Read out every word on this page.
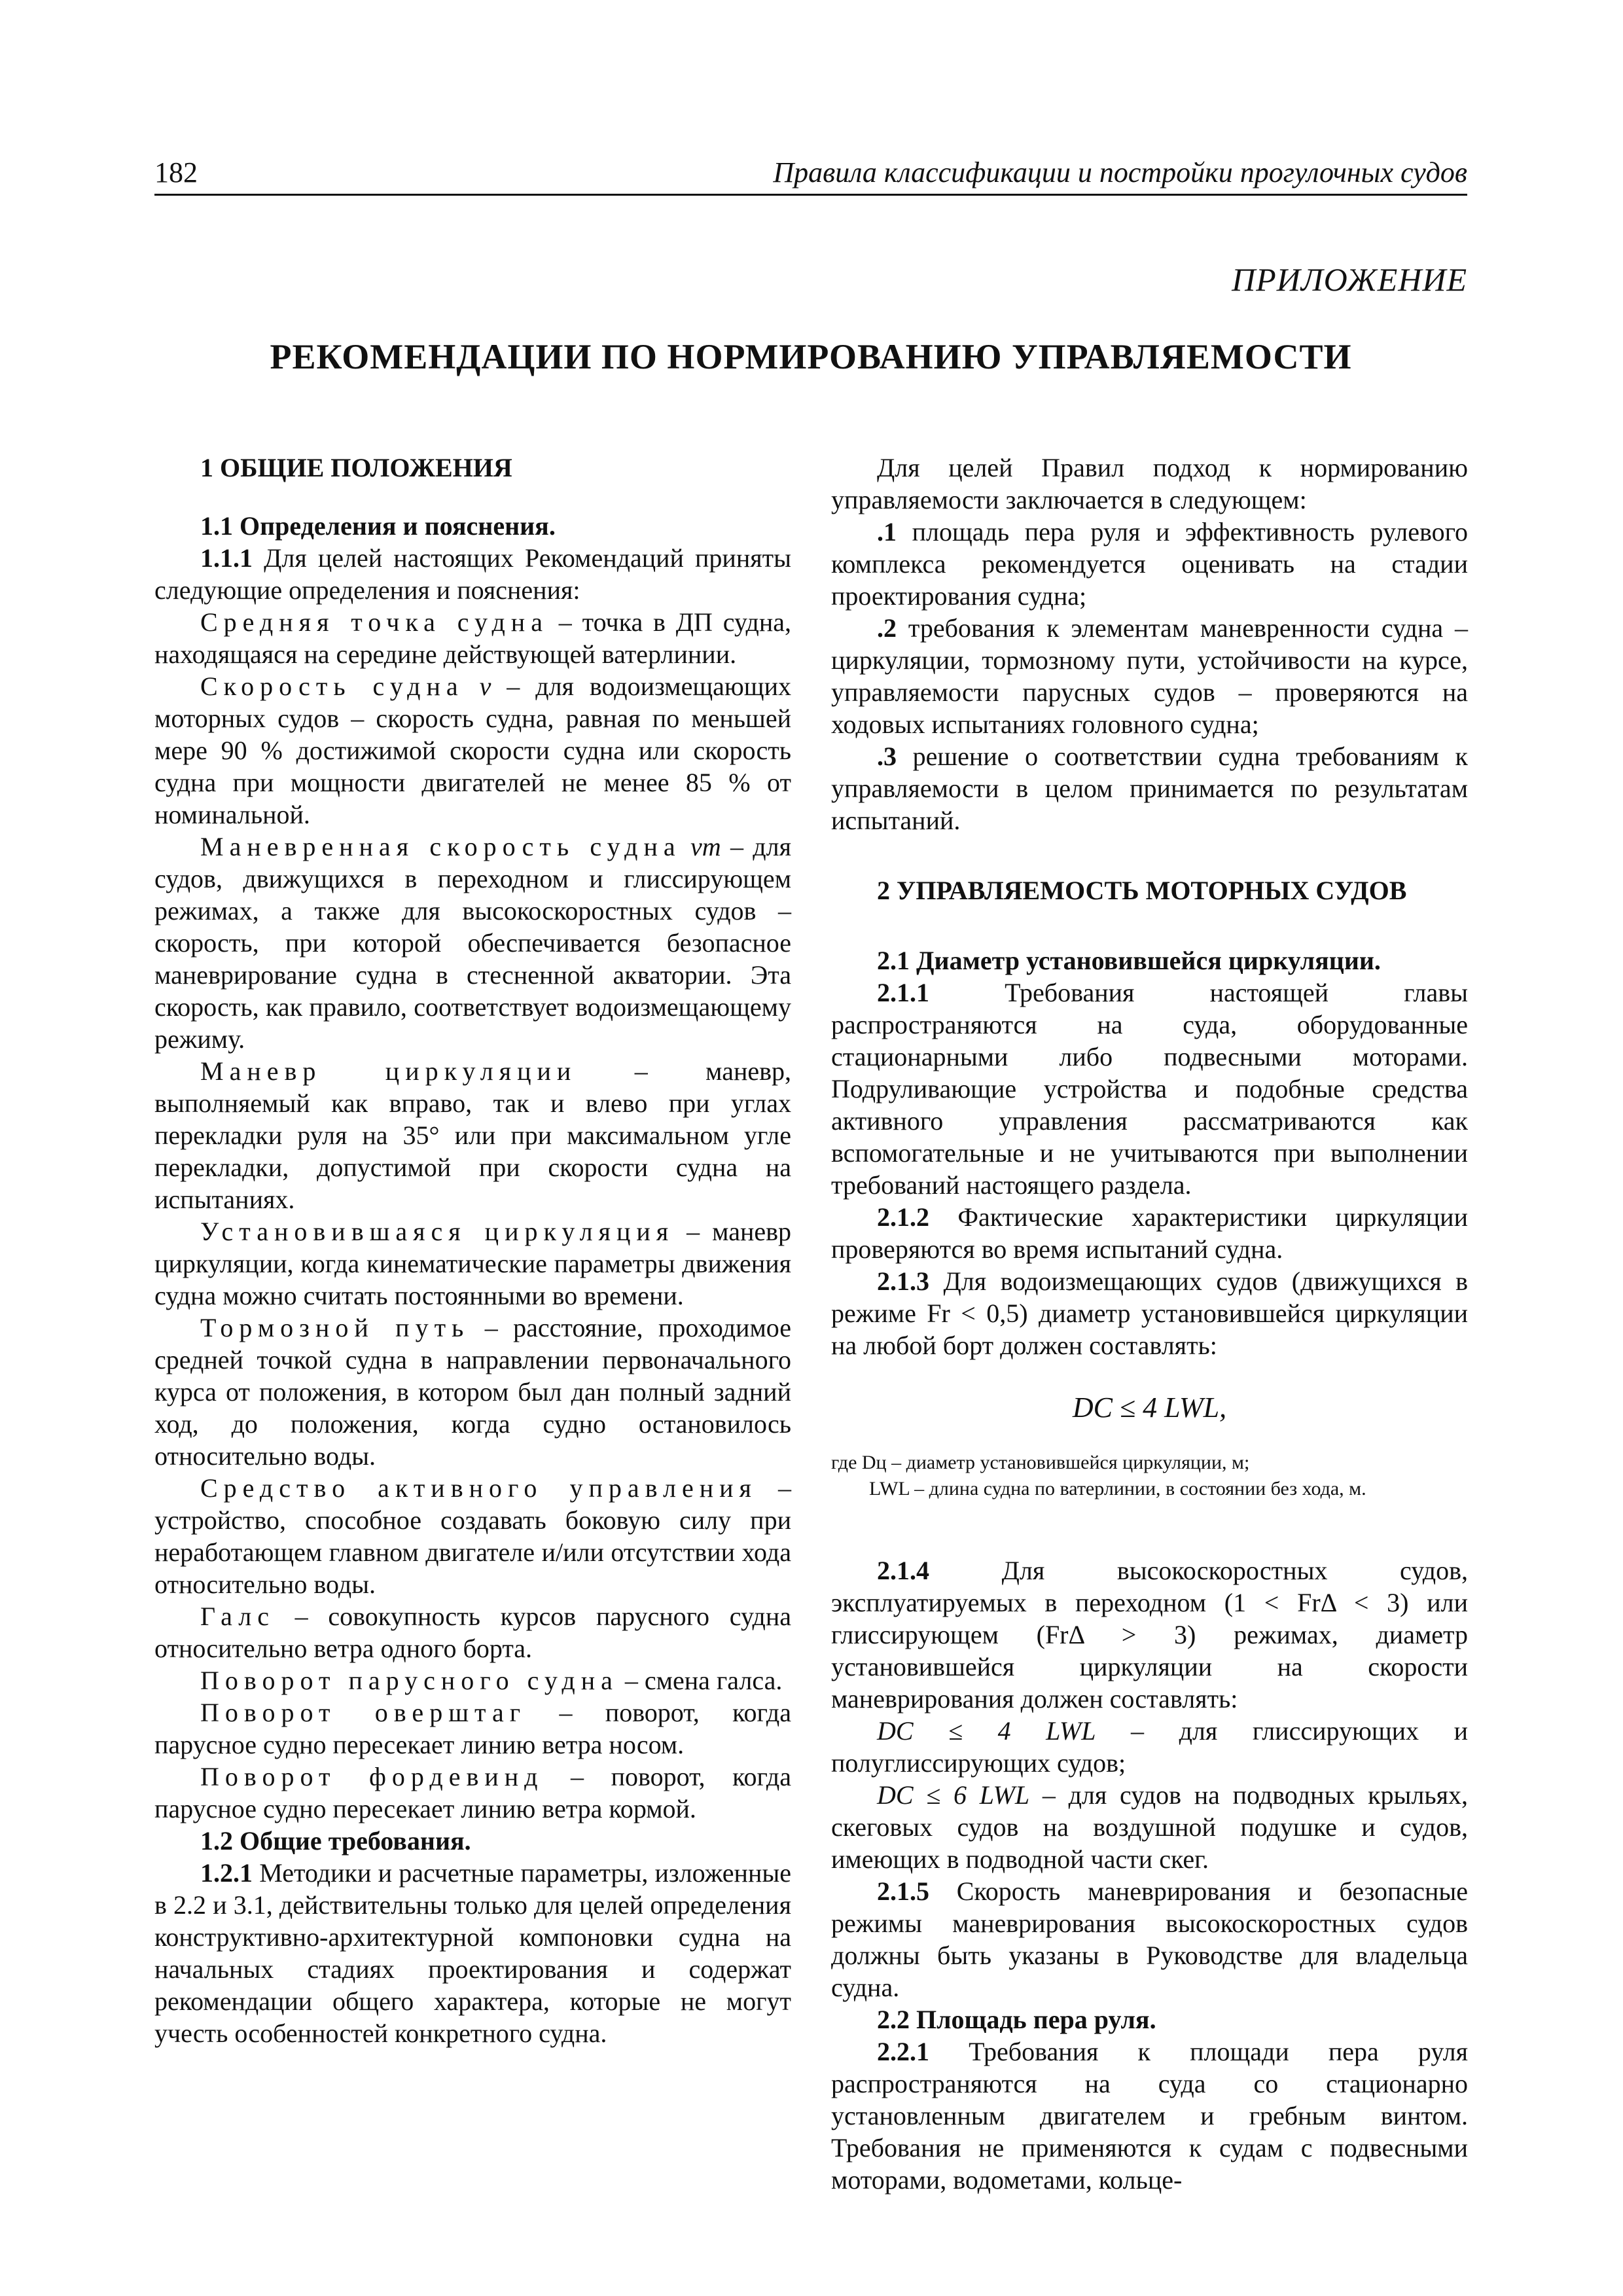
182	Правила классификации и постройки прогулочных судов
ПРИЛОЖЕНИЕ
РЕКОМЕНДАЦИИ ПО НОРМИРОВАНИЮ УПРАВЛЯЕМОСТИ

1 ОБЩИЕ ПОЛОЖЕНИЯ

1.1 Определения и пояснения.

1.1.1 Для целей настоящих Рекомендаций приняты следующие определения и пояснения:

Средняя точка судна – точка в ДП судна, находящаяся на середине действующей ватерлинии.

Скорость судна v – для водоизмещающих моторных судов – скорость судна, равная по меньшей мере 90 % достижимой скорости судна или скорость судна при мощности двигателей не менее 85 % от номинальной.

Маневренная скорость судна vm – для судов, движущихся в переходном и глиссирующем режимах, а также для высокоскоростных судов – скорость, при которой обеспечивается безопасное маневрирование судна в стесненной акватории. Эта скорость, как правило, соответствует водоизмещающему режиму.

Маневр циркуляции – маневр, выполняемый как вправо, так и влево при углах перекладки руля на 35° или при максимальном угле перекладки, допустимой при скорости судна на испытаниях.

Установившаяся циркуляция – маневр циркуляции, когда кинематические параметры движения судна можно считать постоянными во времени.

Тормозной путь – расстояние, проходимое средней точкой судна в направлении первоначального курса от положения, в котором был дан полный задний ход, до положения, когда судно остановилось относительно воды.

Средство активного управления – устройство, способное создавать боковую силу при неработающем главном двигателе и/или отсутствии хода относительно воды.

Галс – совокупность курсов парусного судна относительно ветра одного борта.

Поворот парусного судна – смена галса.

Поворот оверштаг – поворот, когда парусное судно пересекает линию ветра носом.

Поворот фордевинд – поворот, когда парусное судно пересекает линию ветра кормой.

1.2 Общие требования.

1.2.1 Методики и расчетные параметры, изложенные в 2.2 и 3.1, действительны только для целей определения конструктивно-архитектурной компоновки судна на начальных стадиях проектирования и содержат рекомендации общего характера, которые не могут учесть особенностей конкретного судна.

Для целей Правил подход к нормированию управляемости заключается в следующем:

.1 площадь пера руля и эффективность рулевого комплекса рекомендуется оценивать на стадии проектирования судна;

.2 требования к элементам маневренности судна – циркуляции, тормозному пути, устойчивости на курсе, управляемости парусных судов – проверяются на ходовых испытаниях головного судна;

.3 решение о соответствии судна требованиям к управляемости в целом принимается по результатам испытаний.

2 УПРАВЛЯЕМОСТЬ МОТОРНЫХ СУДОВ

2.1 Диаметр установившейся циркуляции.

2.1.1 Требования настоящей главы распространяются на суда, оборудованные стационарными либо подвесными моторами. Подруливающие устройства и подобные средства активного управления рассматриваются как вспомогательные и не учитываются при выполнении требований настоящего раздела.

2.1.2 Фактические характеристики циркуляции проверяются во время испытаний судна.

2.1.3 Для водоизмещающих судов (движущихся в режиме Fr < 0,5) диаметр установившейся циркуляции на любой борт должен составлять:

DC ≤ 4 LWL,
где Dц – диаметр установившейся циркуляции, м;
LWL – длина судна по ватерлинии, в состоянии без хода, м.

2.1.4 Для высокоскоростных судов, эксплуатируемых в переходном (1 < FrΔ < 3) или глиссирующем (FrΔ > 3) режимах, диаметр установившейся циркуляции на скорости маневрирования должен составлять:

DC ≤ 4 LWL – для глиссирующих и полуглиссирующих судов;

DC ≤ 6 LWL – для судов на подводных крыльях, скеговых судов на воздушной подушке и судов, имеющих в подводной части скег.

2.1.5 Скорость маневрирования и безопасные режимы маневрирования высокоскоростных судов должны быть указаны в Руководстве для владельца судна.

2.2 Площадь пера руля.

2.2.1 Требования к площади пера руля распространяются на суда со стационарно установленным двигателем и гребным винтом. Требования не применяются к судам с подвесными моторами, водометами, кольце-
